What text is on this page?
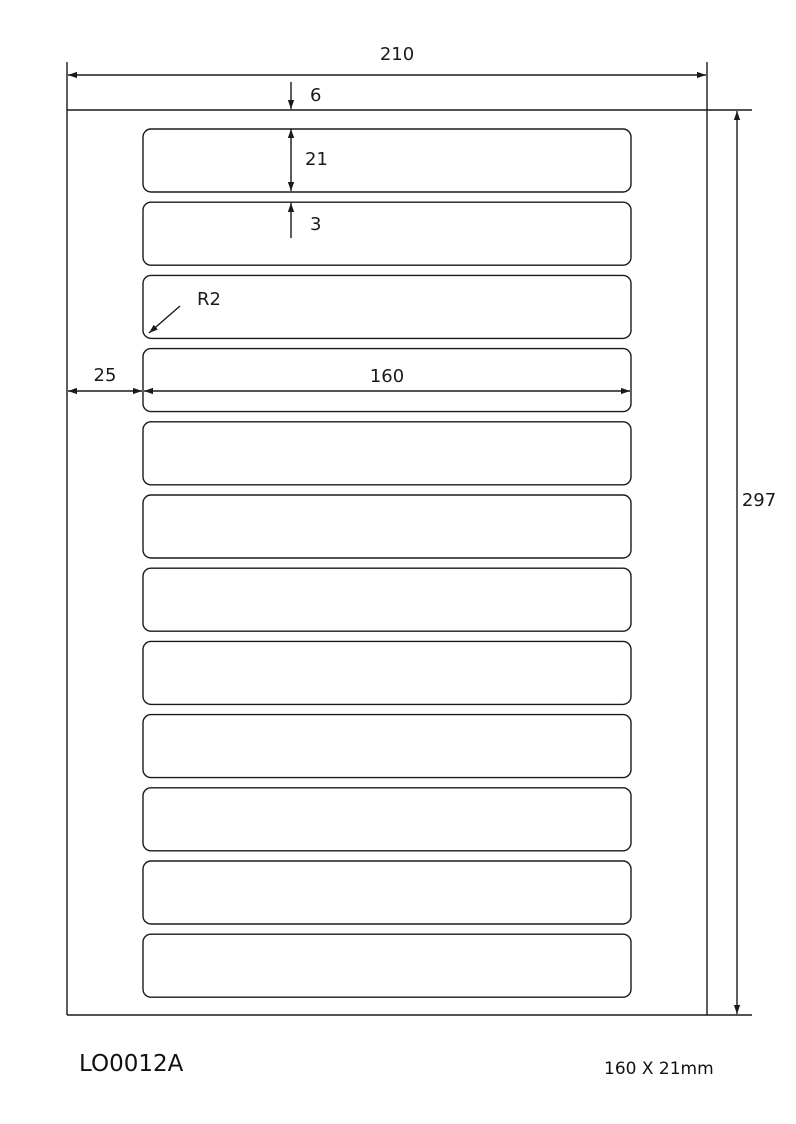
210
6
21
3
R2
25	160
297
LO0012A	160 X 21mm
